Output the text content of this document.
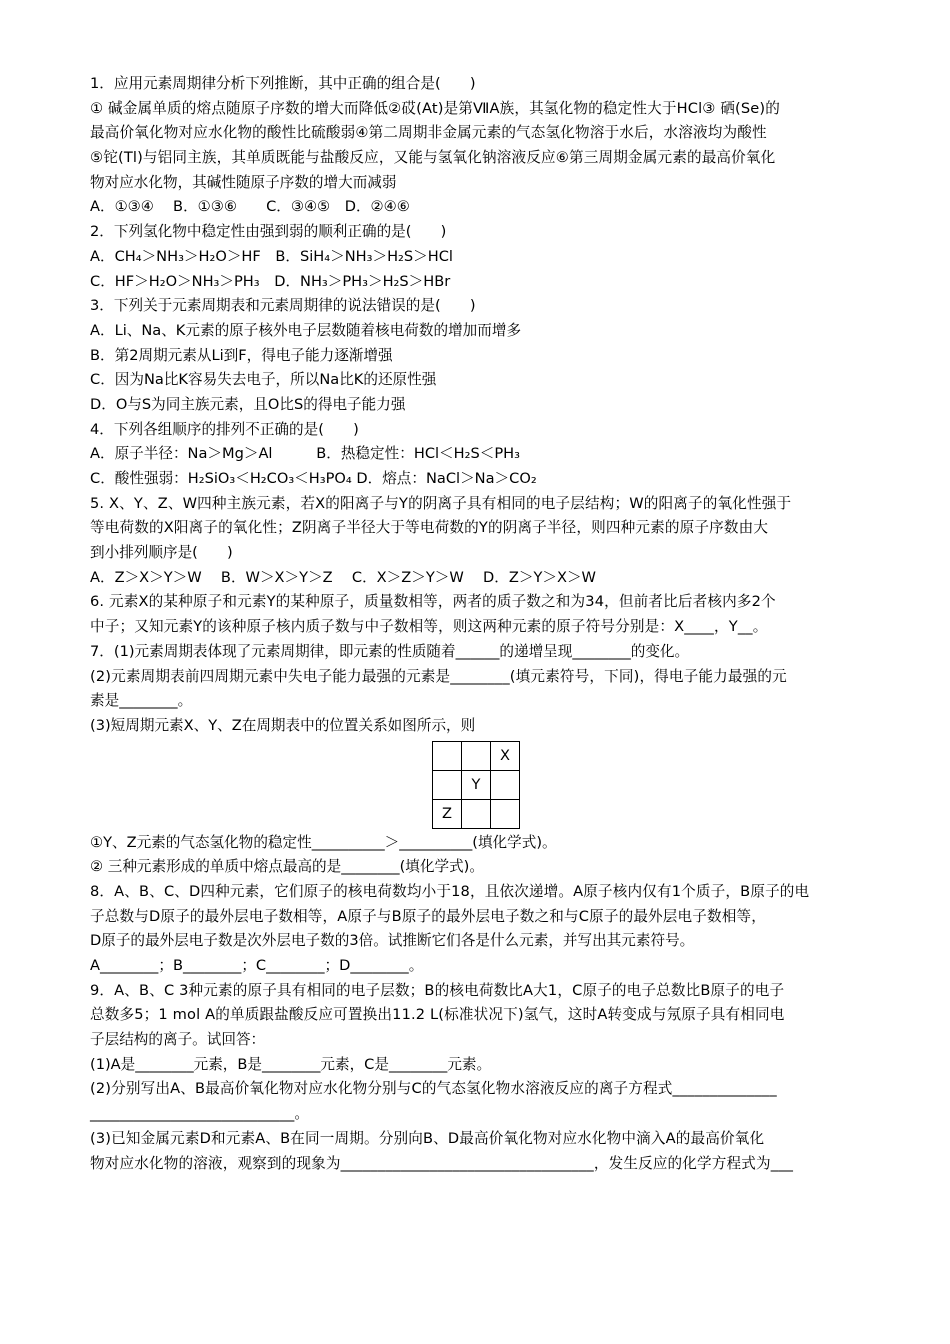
1．应用元素周期律分析下列推断，其中正确的组合是(　　)
① 碱金属单质的熔点随原子序数的增大而降低②砹(At)是第ⅦA族，其氢化物的稳定性大于HCl③ 硒(Se)的
最高价氧化物对应水化物的酸性比硫酸弱④第二周期非金属元素的气态氢化物溶于水后，水溶液均为酸性
⑤铊(Tl)与铝同主族，其单质既能与盐酸反应，又能与氢氧化钠溶液反应⑥第三周期金属元素的最高价氧化
物对应水化物，其碱性随原子序数的增大而减弱
A．①③④　 B．①③⑥　　C．③④⑤　D．②④⑥
2．下列氢化物中稳定性由强到弱的顺利正确的是(　　)
A．CH₄＞NH₃＞H₂O＞HF　B．SiH₄＞NH₃＞H₂S＞HCl
C．HF＞H₂O＞NH₃＞PH₃　D．NH₃＞PH₃＞H₂S＞HBr
3．下列关于元素周期表和元素周期律的说法错误的是(　　)
A．Li、Na、K元素的原子核外电子层数随着核电荷数的增加而增多
B．第2周期元素从Li到F，得电子能力逐渐增强
C．因为Na比K容易失去电子，所以Na比K的还原性强
D．O与S为同主族元素，且O比S的得电子能力强
4．下列各组顺序的排列不正确的是(　　)
A．原子半径：Na＞Mg＞Al　　　B．热稳定性：HCl＜H₂S＜PH₃
C．酸性强弱：H₂SiO₃＜H₂CO₃＜H₃PO₄ D．熔点：NaCl＞Na＞CO₂
5. X、Y、Z、W四种主族元素，若X的阳离子与Y的阴离子具有相同的电子层结构；W的阳离子的氧化性强于
等电荷数的X阳离子的氧化性；Z阴离子半径大于等电荷数的Y的阴离子半径，则四种元素的原子序数由大
到小排列顺序是(　　)
A．Z＞X＞Y＞W　 B．W＞X＞Y＞Z　 C．X＞Z＞Y＞W　 D．Z＞Y＞X＞W
6. 元素X的某种原子和元素Y的某种原子，质量数相等，两者的质子数之和为34，但前者比后者核内多2个
中子；又知元素Y的该种原子核内质子数与中子数相等，则这两种元素的原子符号分别是：X____，Y__。
7．(1)元素周期表体现了元素周期律，即元素的性质随着______的递增呈现________的变化。
(2)元素周期表前四周期元素中失电子能力最强的元素是________(填元素符号，下同)，得电子能力最强的元
素是________。
(3)短周期元素X、Y、Z在周期表中的位置关系如图所示，则
		X
	Y	
Z		
①Y、Z元素的气态氢化物的稳定性__________＞__________(填化学式)。
② 三种元素形成的单质中熔点最高的是________(填化学式)。
8．A、B、C、D四种元素，它们原子的核电荷数均小于18，且依次递增。A原子核内仅有1个质子，B原子的电
子总数与D原子的最外层电子数相等，A原子与B原子的最外层电子数之和与C原子的最外层电子数相等，
D原子的最外层电子数是次外层电子数的3倍。试推断它们各是什么元素，并写出其元素符号。
A________；B________；C________；D________。
9．A、B、C 3种元素的原子具有相同的电子层数；B的核电荷数比A大1，C原子的电子总数比B原子的电子
总数多5；1 mol A的单质跟盐酸反应可置换出11.2 L(标准状况下)氢气，这时A转变成与氖原子具有相同电
子层结构的离子。试回答：
(1)A是________元素，B是________元素，C是________元素。
(2)分别写出A、B最高价氧化物对应水化物分别与C的气态氢化物水溶液反应的离子方程式______________
____________________________。
(3)已知金属元素D和元素A、B在同一周期。分别向B、D最高价氧化物对应水化物中滴入A的最高价氧化
物对应水化物的溶液，观察到的现象为__________________________________，发生反应的化学方程式为___
